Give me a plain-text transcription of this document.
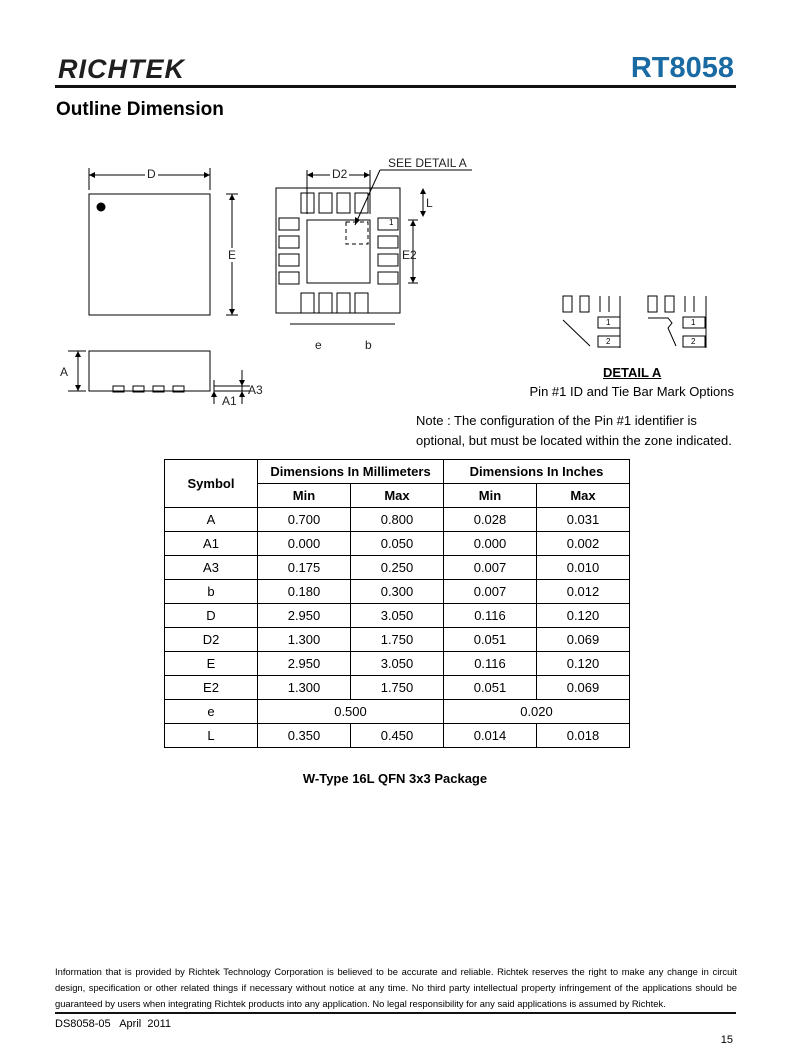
RICHTEK	RT8058
Outline Dimension
D
E
D2
SEE DETAIL A
L
1
E2
e	b
A
A3
A1
1
2
1
2
DETAIL A
Pin #1 ID and Tie Bar Mark Options
Note : The configuration of the Pin #1 identifier is optional, but must be located within the zone indicated.
Symbol	Dimensions In Millimeters		Dimensions In Inches	
	Min	Max	Min	Max
A	0.700	0.800	0.028	0.031
A1	0.000	0.050	0.000	0.002
A3	0.175	0.250	0.007	0.010
b	0.180	0.300	0.007	0.012
D	2.950	3.050	0.116	0.120
D2	1.300	1.750	0.051	0.069
E	2.950	3.050	0.116	0.120
E2	1.300	1.750	0.051	0.069
e	0.500		0.020	
L	0.350	0.450	0.014	0.018
W-Type 16L QFN 3x3 Package
Information that is provided by Richtek Technology Corporation is believed to be accurate and reliable. Richtek reserves the right to make any change in circuit design, specification or other related things if necessary without notice at any time. No third party intellectual property infringement of the applications should be guaranteed by users when integrating Richtek products into any application. No legal responsibility for any said applications is assumed by Richtek.
DS8058-05   April  2011
15
